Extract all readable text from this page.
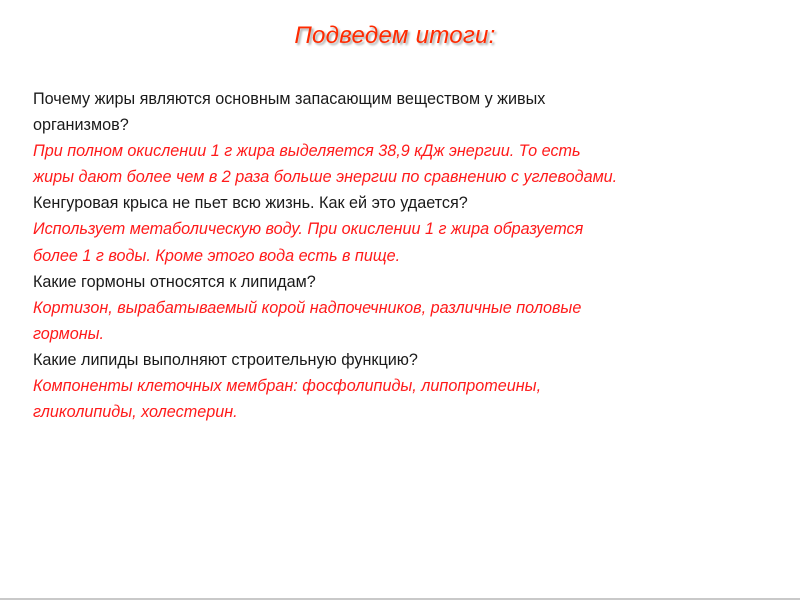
Подведем итоги:
Почему жиры являются основным запасающим веществом у живых
организмов?
При полном окислении 1 г жира выделяется 38,9 кДж энергии. То есть
жиры дают более чем в 2 раза больше энергии по сравнению с углеводами.
Кенгуровая крыса не пьет всю жизнь. Как ей это удается?
Использует метаболическую воду. При окислении 1 г жира образуется
более 1 г воды. Кроме этого вода есть в пище.
Какие гормоны относятся к липидам?
Кортизон, вырабатываемый корой надпочечников, различные половые
гормоны.
Какие липиды выполняют строительную функцию?
Компоненты клеточных мембран: фосфолипиды, липопротеины,
гликолипиды, холестерин.
